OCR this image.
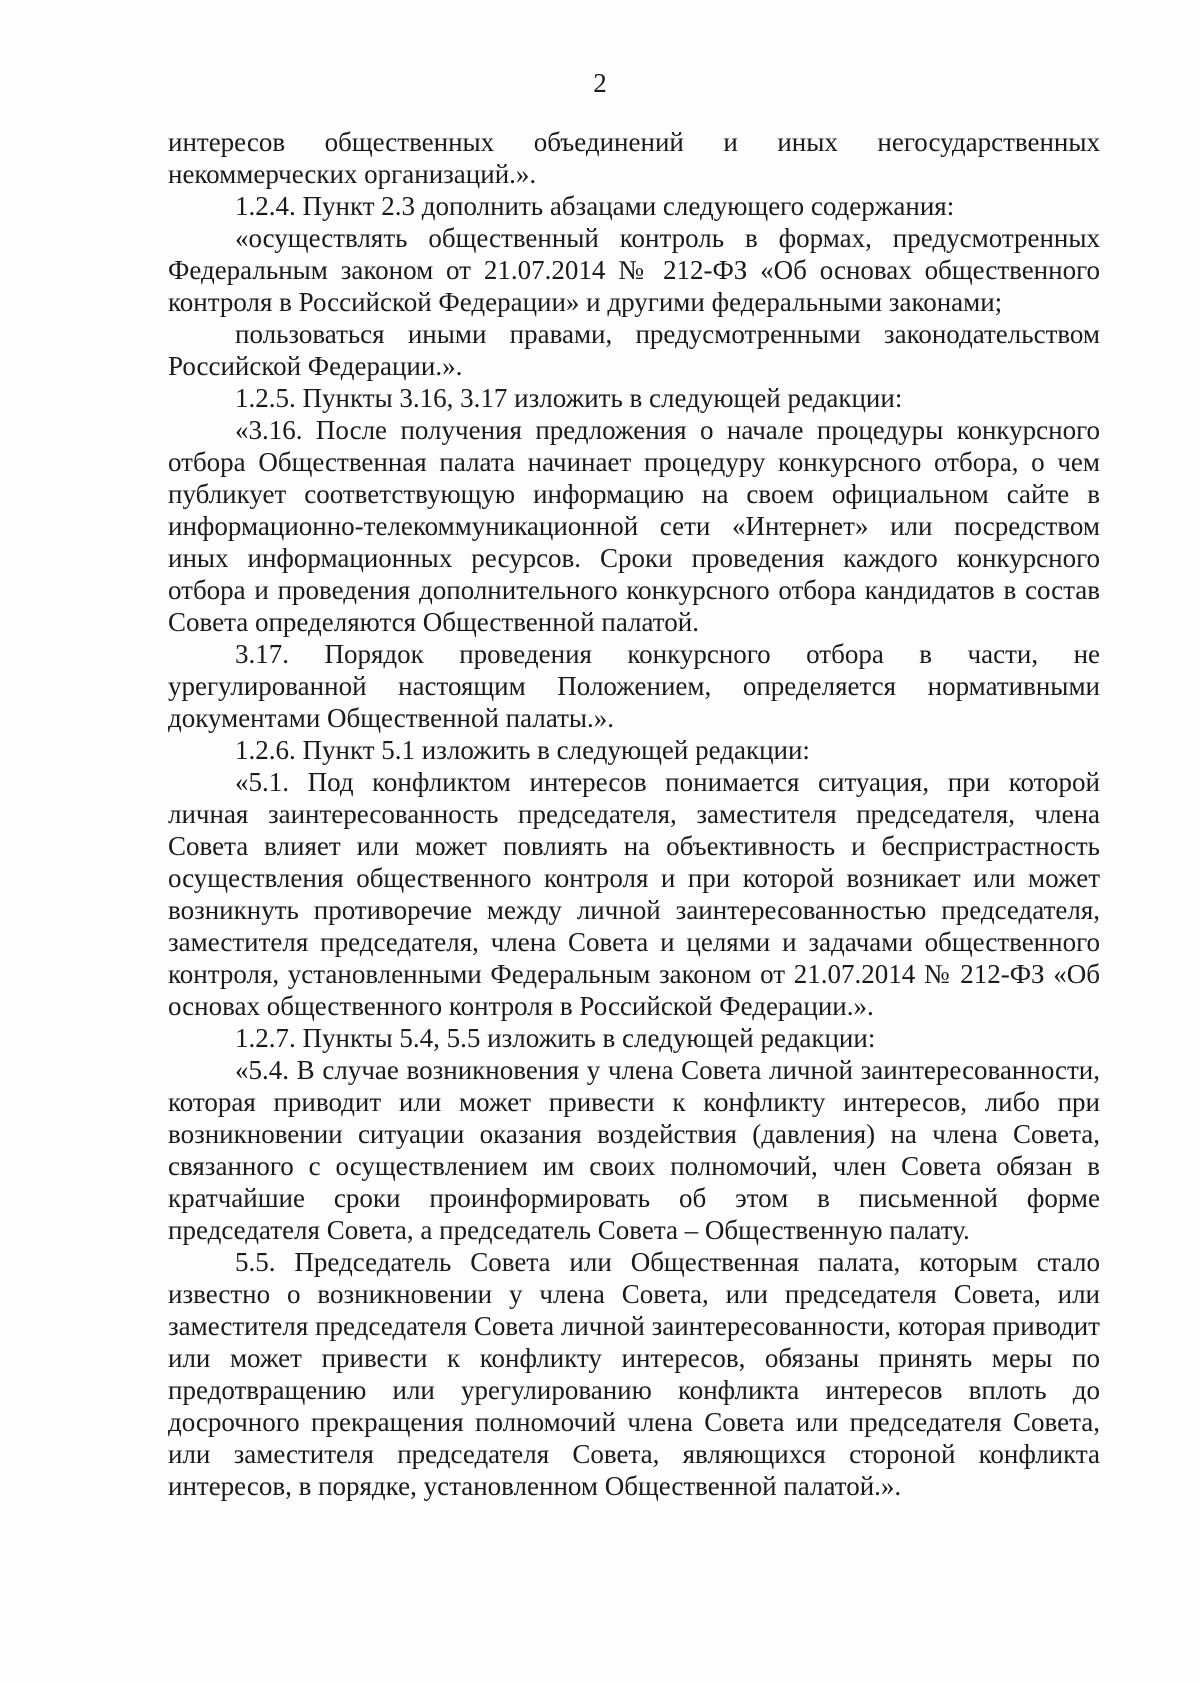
2

интересов общественных объединений и иных негосударственных некоммерческих организаций.».

1.2.4. Пункт 2.3 дополнить абзацами следующего содержания:

«осуществлять общественный контроль в формах, предусмотренных Федеральным законом от 21.07.2014 № 212-ФЗ «Об основах общественного контроля в Российской Федерации» и другими федеральными законами;

пользоваться иными правами, предусмотренными законодательством Российской Федерации.».

1.2.5. Пункты 3.16, 3.17 изложить в следующей редакции:

«3.16. После получения предложения о начале процедуры конкурсного отбора Общественная палата начинает процедуру конкурсного отбора, о чем публикует соответствующую информацию на своем официальном сайте в информационно-телекоммуникационной сети «Интернет» или посредством иных информационных ресурсов. Сроки проведения каждого конкурсного отбора и проведения дополнительного конкурсного отбора кандидатов в состав Совета определяются Общественной палатой.

3.17. Порядок проведения конкурсного отбора в части, не урегулированной настоящим Положением, определяется нормативными документами Общественной палаты.».

1.2.6. Пункт 5.1 изложить в следующей редакции:

«5.1. Под конфликтом интересов понимается ситуация, при которой личная заинтересованность председателя, заместителя председателя, члена Совета влияет или может повлиять на объективность и беспристрастность осуществления общественного контроля и при которой возникает или может возникнуть противоречие между личной заинтересованностью председателя, заместителя председателя, члена Совета и целями и задачами общественного контроля, установленными Федеральным законом от 21.07.2014 № 212-ФЗ «Об основах общественного контроля в Российской Федерации.».

1.2.7. Пункты 5.4, 5.5 изложить в следующей редакции:

«5.4. В случае возникновения у члена Совета личной заинтересованности, которая приводит или может привести к конфликту интересов, либо при возникновении ситуации оказания воздействия (давления) на члена Совета, связанного с осуществлением им своих полномочий, член Совета обязан в кратчайшие сроки проинформировать об этом в письменной форме председателя Совета, а председатель Совета – Общественную палату.

5.5. Председатель Совета или Общественная палата, которым стало известно о возникновении у члена Совета, или председателя Совета, или заместителя председателя Совета личной заинтересованности, которая приводит или может привести к конфликту интересов, обязаны принять меры по предотвращению или урегулированию конфликта интересов вплоть до досрочного прекращения полномочий члена Совета или председателя Совета, или заместителя председателя Совета, являющихся стороной конфликта интересов, в порядке, установленном Общественной палатой.».
